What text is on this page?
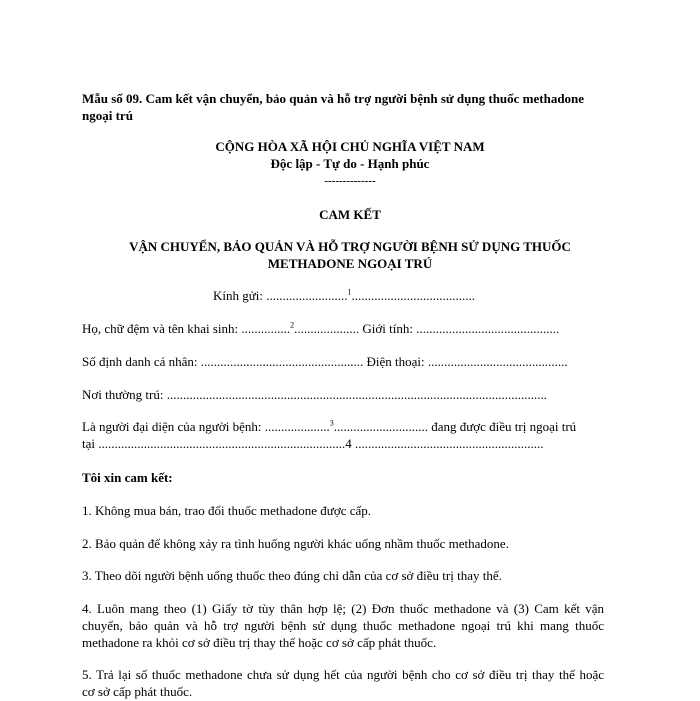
Mẫu số 09. Cam kết vận chuyển, bảo quản và hỗ trợ người bệnh sử dụng thuốc methadone
ngoại trú
CỘNG HÒA XÃ HỘI CHỦ NGHĨA VIỆT NAM
Độc lập - Tự do - Hạnh phúc
--------------
CAM KẾT
VẬN CHUYỂN, BẢO QUẢN VÀ HỖ TRỢ NGƯỜI BỆNH SỬ DỤNG THUỐC
METHADONE NGOẠI TRÚ
Kính gửi: .........................$^1$......................................
Họ, chữ đệm và tên khai sinh: ...............$^2$.................... Giới tính: ............................................
Số định danh cá nhân: .................................................. Điện thoại: ...........................................
Nơi thường trú: .....................................................................................................................
Là người đại diện của người bệnh: ....................$^3$............................. đang được điều trị ngoại trú
tại ............................................................................4 ..........................................................
Tôi xin cam kết:
1. Không mua bán, trao đổi thuốc methadone được cấp.
2. Bảo quản để không xảy ra tình huống người khác uống nhầm thuốc methadone.
3. Theo dõi người bệnh uống thuốc theo đúng chỉ dẫn của cơ sở điều trị thay thế.
4. Luôn mang theo (1) Giấy tờ tùy thân hợp lệ; (2) Đơn thuốc methadone và (3) Cam kết vận
chuyển, bảo quản và hỗ trợ người bệnh sử dụng thuốc methadone ngoại trú khi mang thuốc
methadone ra khỏi cơ sở điều trị thay thế hoặc cơ sở cấp phát thuốc.
5. Trả lại số thuốc methadone chưa sử dụng hết của người bệnh cho cơ sở điều trị thay thế hoặc
cơ sở cấp phát thuốc.
